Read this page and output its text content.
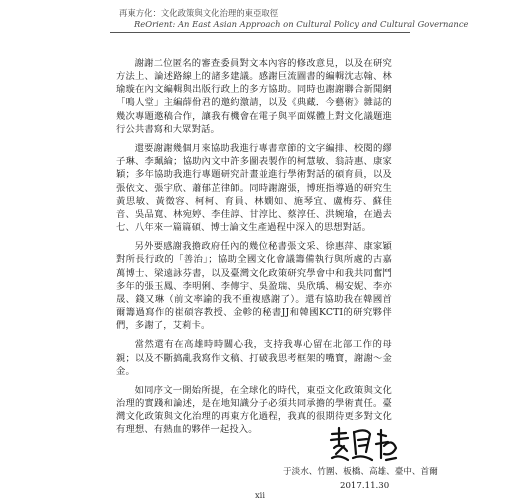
再東方化：文化政策與文化治理的東亞取徑
ReOrient: An East Asian Approach on Cultural Policy and Cultural Governance

謝謝二位匿名的審查委員對文本內容的修改意見，以及在研究方法上、論述路線上的諸多建議。感謝巨流圖書的編輯沈志翰、林瑜璇在內文編輯與出版行政上的多方協助。同時也謝謝聯合新聞網「鳴人堂」主編薛佾君的邀約激請，以及《典藏．今藝術》雜誌的幾次專題邀稿合作，讓我有機會在電子與平面媒體上對文化議題進行公共書寫和大眾對話。

還要謝謝幾個月來協助我進行專書章節的文字編排、校閱的繆子琳、李珮綸；協助內文中許多圖表製作的柯慧敏、翁詩惠、康家穎；多年協助我進行專題研究計畫並進行學術對話的碩育員，以及張依文、張宇欣、蕭郁芷律師。同時謝謝張，博班指導過的研究生黃思敏、黃徵容、柯柯、育員、林嫺如、施琴宜、盧梅芬、蘇佳音、吳品寬、林宛婷、李佳諄、甘淳比、蔡淳任、洪婉瑜，在過去七、八年來一篇篇碩、博士論文生產過程中深入的思想對話。

另外要感謝我擔政府任內的幾位秘書張文采、徐惠萍、康家穎對所長行政的「善治」；協助全國文化會議籌備執行與所處的古嘉萬博士、梁遠詠芬書，以及臺灣文化政策研究學會中和我共同奮鬥多年的張玉鳳、李明俐、李傳宇、吳盈瑞、吳欣瑀、楊安妮、李亦晟、錢又琳（前文率諭的我不重複感謝了）。還有協助我在韓國首爾籌過寫作的崔碩容教授、金軫的秘書JJ和韓國KCTI的研究夥伴們，多謝了，艾莉卡。

當然還有在高雄時時關心我，支持我專心留在北部工作的母親；以及不斷搞亂我寫作文稿、打破我思考框架的嘴寶，謝謝～金金。

如同序文一開始所提，在全球化的時代，東亞文化政策與文化治理的實踐和論述，是在地知識分子必須共同承擔的學術責任。臺灣文化政策與文化治理的再東方化過程，我真的很期待更多對文化有理想、有熱血的夥伴一起投入。

于淡水、竹圍、板橋、高雄、臺中、首爾
2017.11.30
xii
